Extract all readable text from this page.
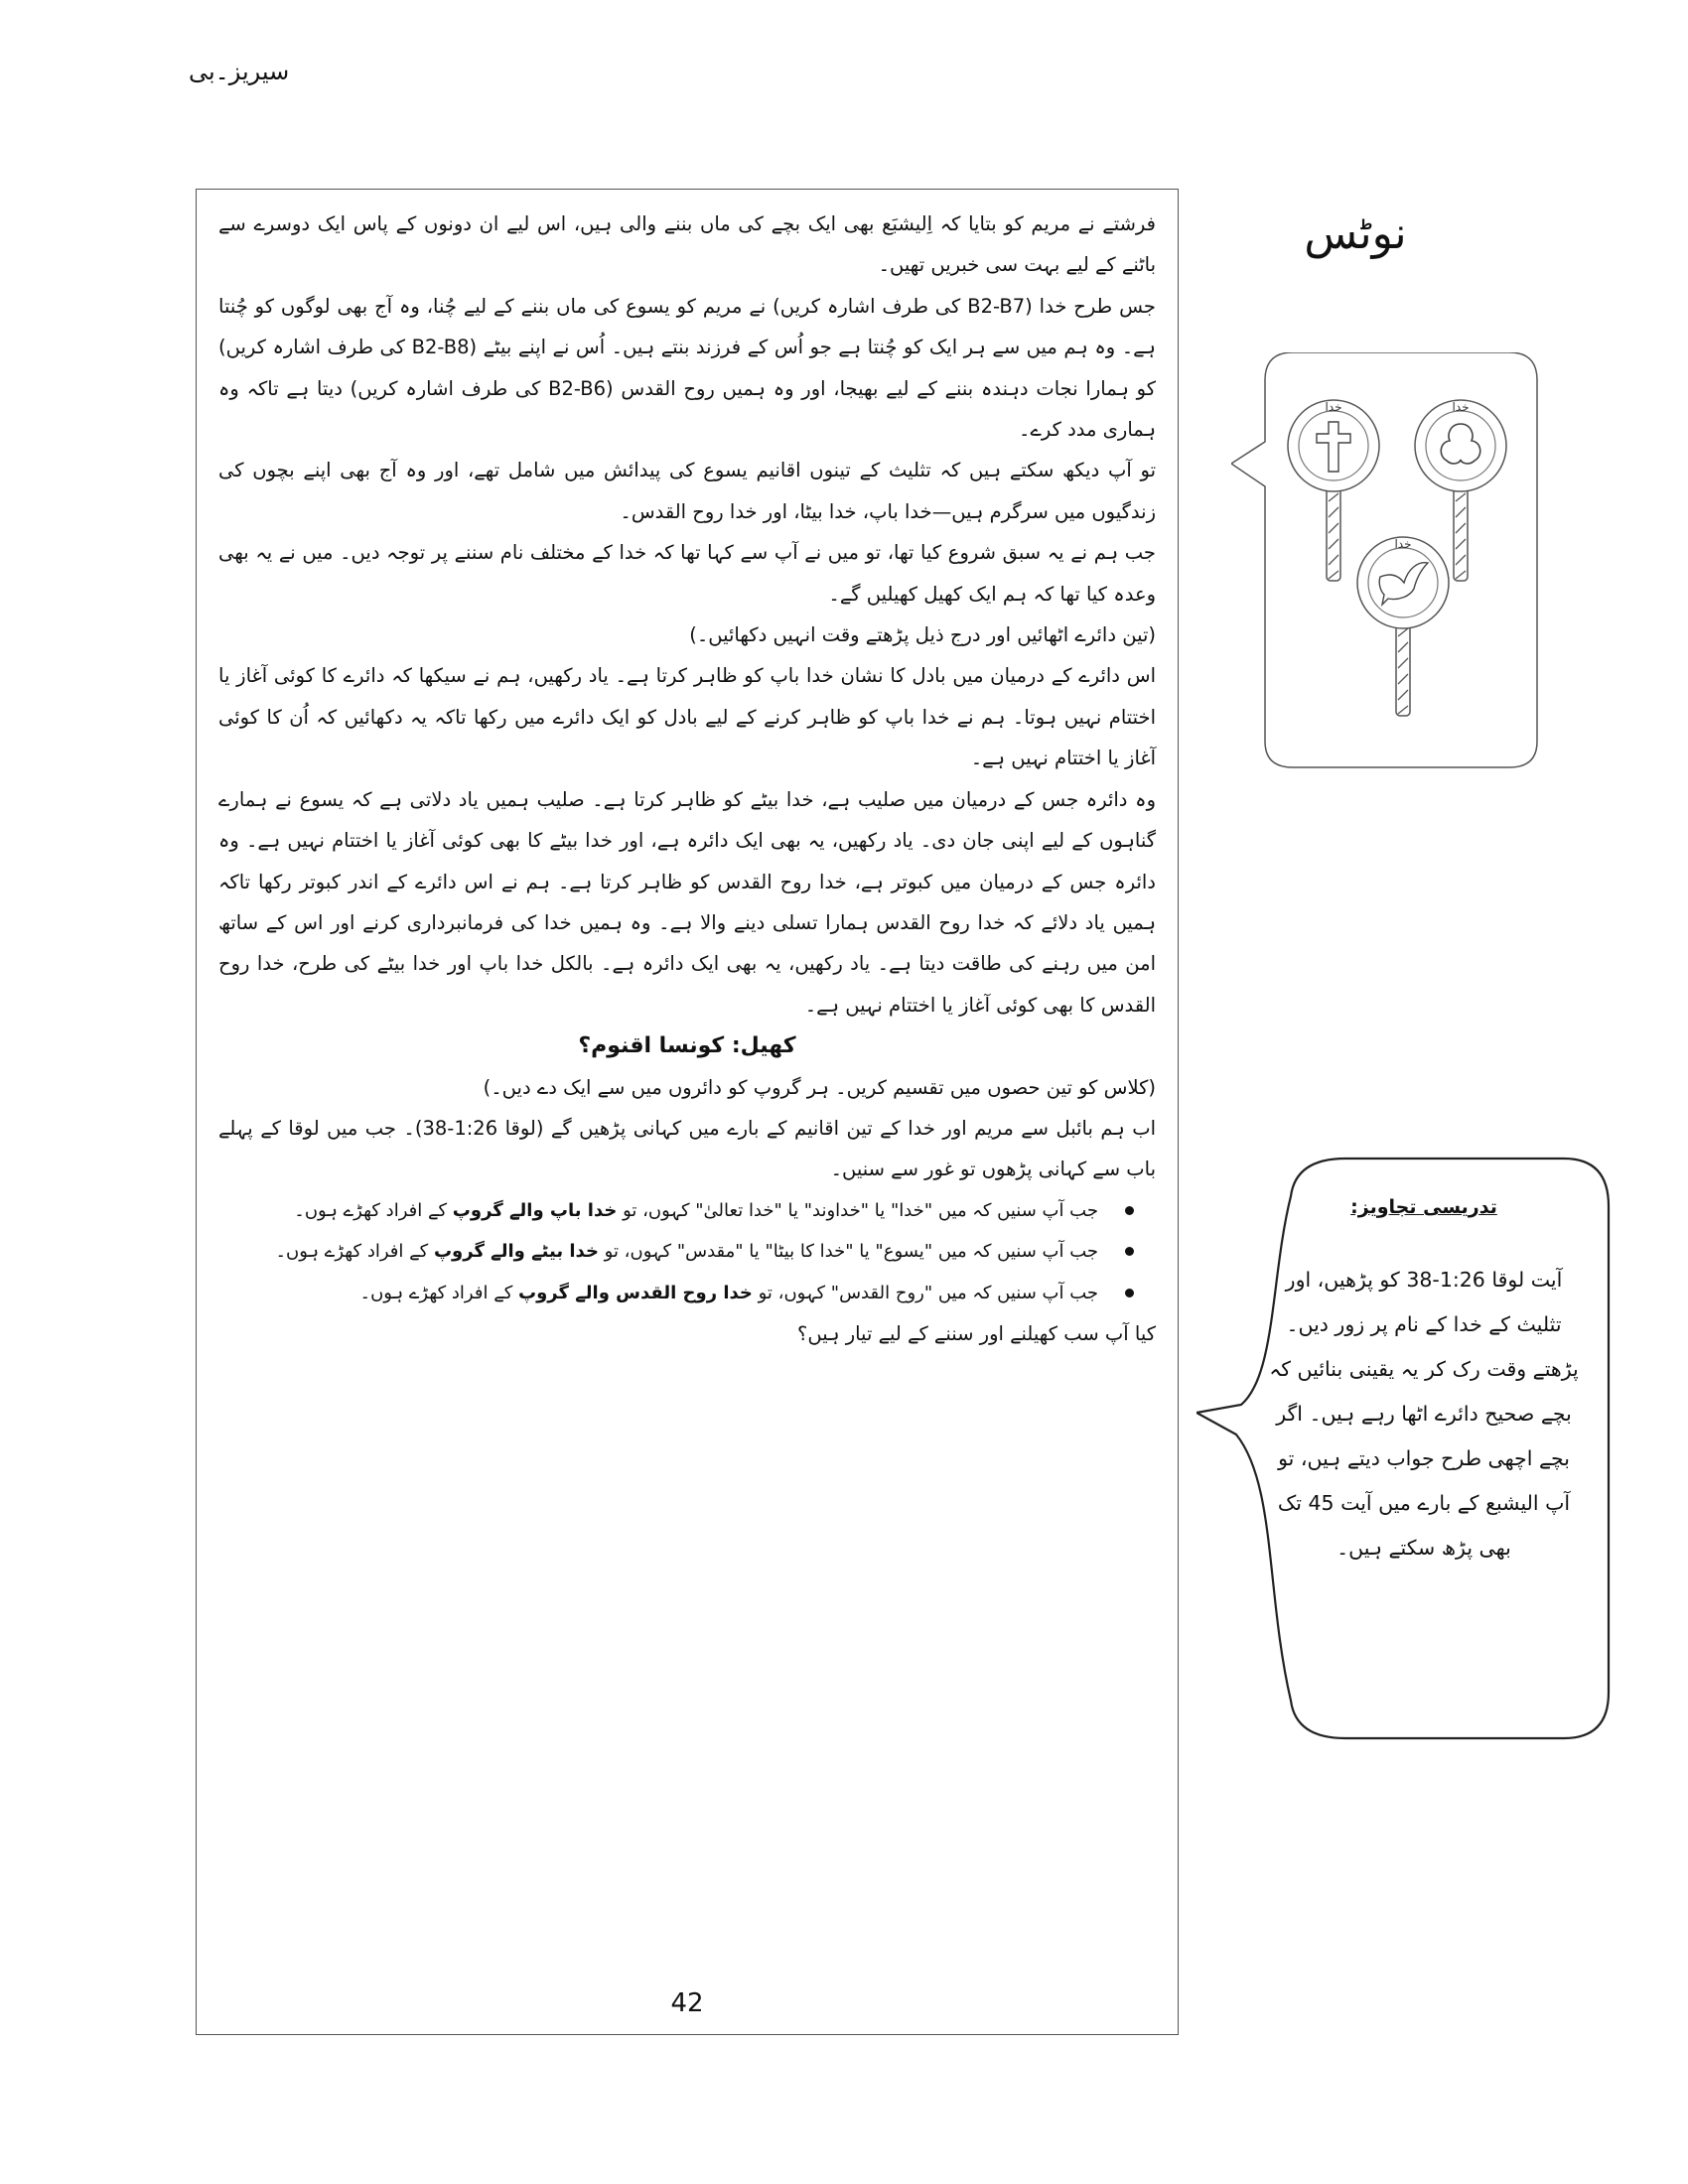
سیریز۔بی

فرشتے نے مریم کو بتایا کہ اِلیشبَع بھی ایک بچے کی ماں بننے والی ہیں، اس لیے ان دونوں کے پاس ایک دوسرے سے باٹنے کے لیے بہت سی خبریں تھیں۔

جس طرح خدا (B2-B7 کی طرف اشارہ کریں) نے مریم کو یسوع کی ماں بننے کے لیے چُنا، وہ آج بھی لوگوں کو چُنتا ہے۔ وہ ہم میں سے ہر ایک کو چُنتا ہے جو اُس کے فرزند بنتے ہیں۔ اُس نے اپنے بیٹے (B2-B8 کی طرف اشارہ کریں) کو ہمارا نجات دہندہ بننے کے لیے بھیجا، اور وہ ہمیں روح القدس (B2-B6 کی طرف اشارہ کریں) دیتا ہے تاکہ وہ ہماری مدد کرے۔

تو آپ دیکھ سکتے ہیں کہ تثلیث کے تینوں اقانیم یسوع کی پیدائش میں شامل تھے، اور وہ آج بھی اپنے بچوں کی زندگیوں میں سرگرم ہیں—خدا باپ، خدا بیٹا، اور خدا روح القدس۔

جب ہم نے یہ سبق شروع کیا تھا، تو میں نے آپ سے کہا تھا کہ خدا کے مختلف نام سننے پر توجہ دیں۔ میں نے یہ بھی وعدہ کیا تھا کہ ہم ایک کھیل کھیلیں گے۔

(تین دائرے اٹھائیں اور درج ذیل پڑھتے وقت انہیں دکھائیں۔)

اس دائرے کے درمیان میں بادل کا نشان خدا باپ کو ظاہر کرتا ہے۔ یاد رکھیں، ہم نے سیکھا کہ دائرے کا کوئی آغاز یا اختتام نہیں ہوتا۔ ہم نے خدا باپ کو ظاہر کرنے کے لیے بادل کو ایک دائرے میں رکھا تاکہ یہ دکھائیں کہ اُن کا کوئی آغاز یا اختتام نہیں ہے۔

وہ دائرہ جس کے درمیان میں صلیب ہے، خدا بیٹے کو ظاہر کرتا ہے۔ صلیب ہمیں یاد دلاتی ہے کہ یسوع نے ہمارے گناہوں کے لیے اپنی جان دی۔ یاد رکھیں، یہ بھی ایک دائرہ ہے، اور خدا بیٹے کا بھی کوئی آغاز یا اختتام نہیں ہے۔ وہ دائرہ جس کے درمیان میں کبوتر ہے، خدا روح القدس کو ظاہر کرتا ہے۔ ہم نے اس دائرے کے اندر کبوتر رکھا تاکہ ہمیں یاد دلائے کہ خدا روح القدس ہمارا تسلی دینے والا ہے۔ وہ ہمیں خدا کی فرمانبرداری کرنے اور اس کے ساتھ امن میں رہنے کی طاقت دیتا ہے۔ یاد رکھیں، یہ بھی ایک دائرہ ہے۔ بالکل خدا باپ اور خدا بیٹے کی طرح، خدا روح القدس کا بھی کوئی آغاز یا اختتام نہیں ہے۔

کھیل: کونسا اقنوم؟

(کلاس کو تین حصوں میں تقسیم کریں۔ ہر گروپ کو دائروں میں سے ایک دے دیں۔)

اب ہم بائبل سے مریم اور خدا کے تین اقانیم کے بارے میں کہانی پڑھیں گے (لوقا 1:26-38)۔ جب میں لوقا کے پہلے باب سے کہانی پڑھوں تو غور سے سنیں۔

جب آپ سنیں کہ میں "خدا" یا "خداوند" یا "خدا تعالیٰ" کہوں، تو خدا باپ والے گروپ کے افراد کھڑے ہوں۔
جب آپ سنیں کہ میں "یسوع" یا "خدا کا بیٹا" یا "مقدس" کہوں، تو خدا بیٹے والے گروپ کے افراد کھڑے ہوں۔
جب آپ سنیں کہ میں "روح القدس" کہوں، تو خدا روح القدس والے گروپ کے افراد کھڑے ہوں۔

کیا آپ سب کھیلنے اور سننے کے لیے تیار ہیں؟

42
نوٹس
خدا	خدا
خدا
تدریسی تجاویز:
آیت لوقا 1:26-38 کو پڑھیں، اور تثلیث کے خدا کے نام پر زور دیں۔ پڑھتے وقت رک کر یہ یقینی بنائیں کہ بچے صحیح دائرے اٹھا رہے ہیں۔ اگر بچے اچھی طرح جواب دیتے ہیں، تو آپ الیشبع کے بارے میں آیت 45 تک بھی پڑھ سکتے ہیں۔
